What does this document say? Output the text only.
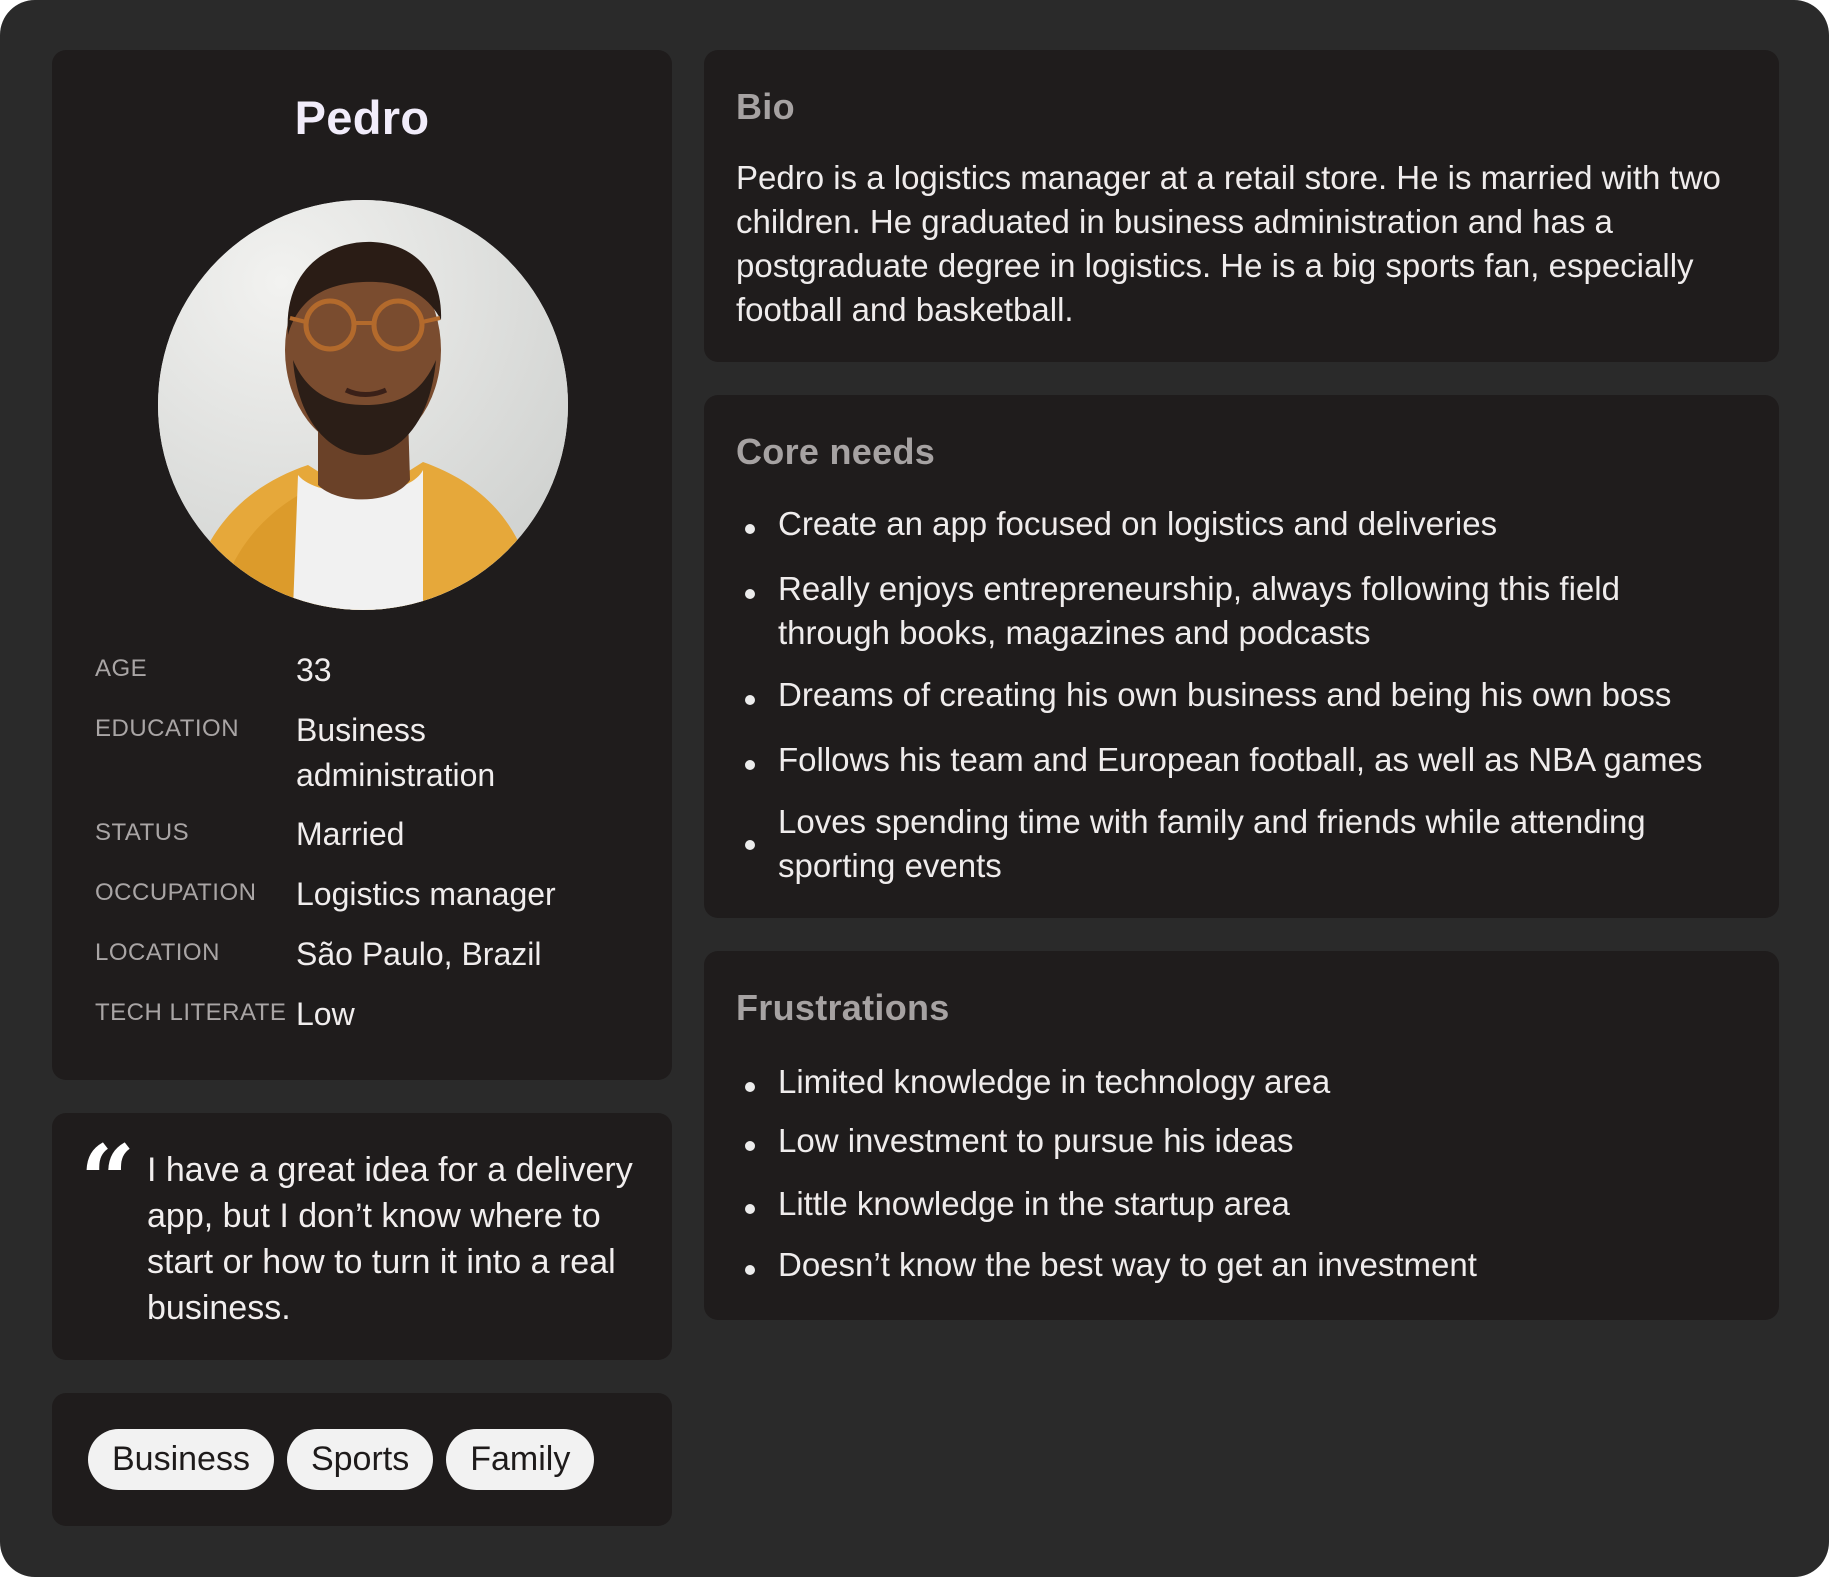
Pedro
AGE	33
EDUCATION	Business administration
STATUS	Married
OCCUPATION	Logistics manager
LOCATION	São Paulo, Brazil
TECH LITERATE Low
“ I have a great idea for a delivery app, but I don’t know where to start or how to turn it into a real business.
Business	Sports	Family
Bio
Pedro is a logistics manager at a retail store. He is married with two children. He graduated in business administration and has a postgraduate degree in logistics. He is a big sports fan, especially football and basketball.
Core needs
Create an app focused on logistics and deliveries
Really enjoys entrepreneurship, always following this field through books, magazines and podcasts
Dreams of creating his own business and being his own boss
Follows his team and European football, as well as NBA games
Loves spending time with family and friends while attending sporting events
Frustrations
Limited knowledge in technology area
Low investment to pursue his ideas
Little knowledge in the startup area
Doesn’t know the best way to get an investment
